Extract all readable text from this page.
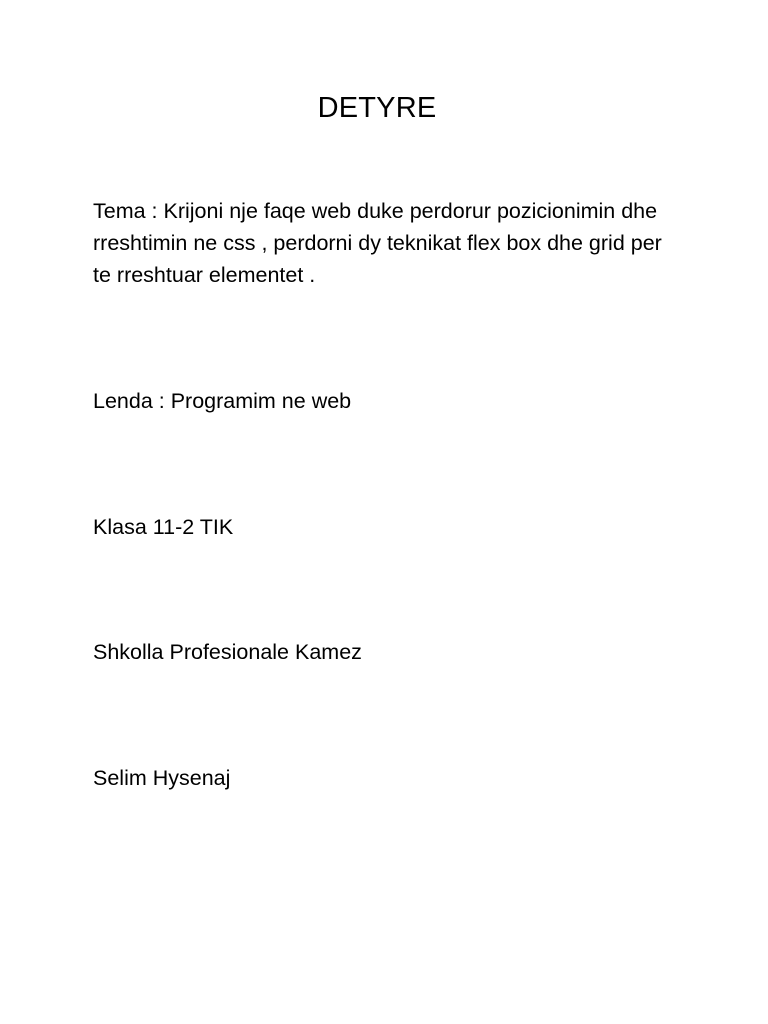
DETYRE

Tema : Krijoni nje faqe web duke perdorur pozicionimin dhe rreshtimin ne css , perdorni dy teknikat flex box dhe grid per te rreshtuar elementet .

Lenda : Programim ne web

Klasa 11-2 TIK

Shkolla Profesionale Kamez

Selim Hysenaj
